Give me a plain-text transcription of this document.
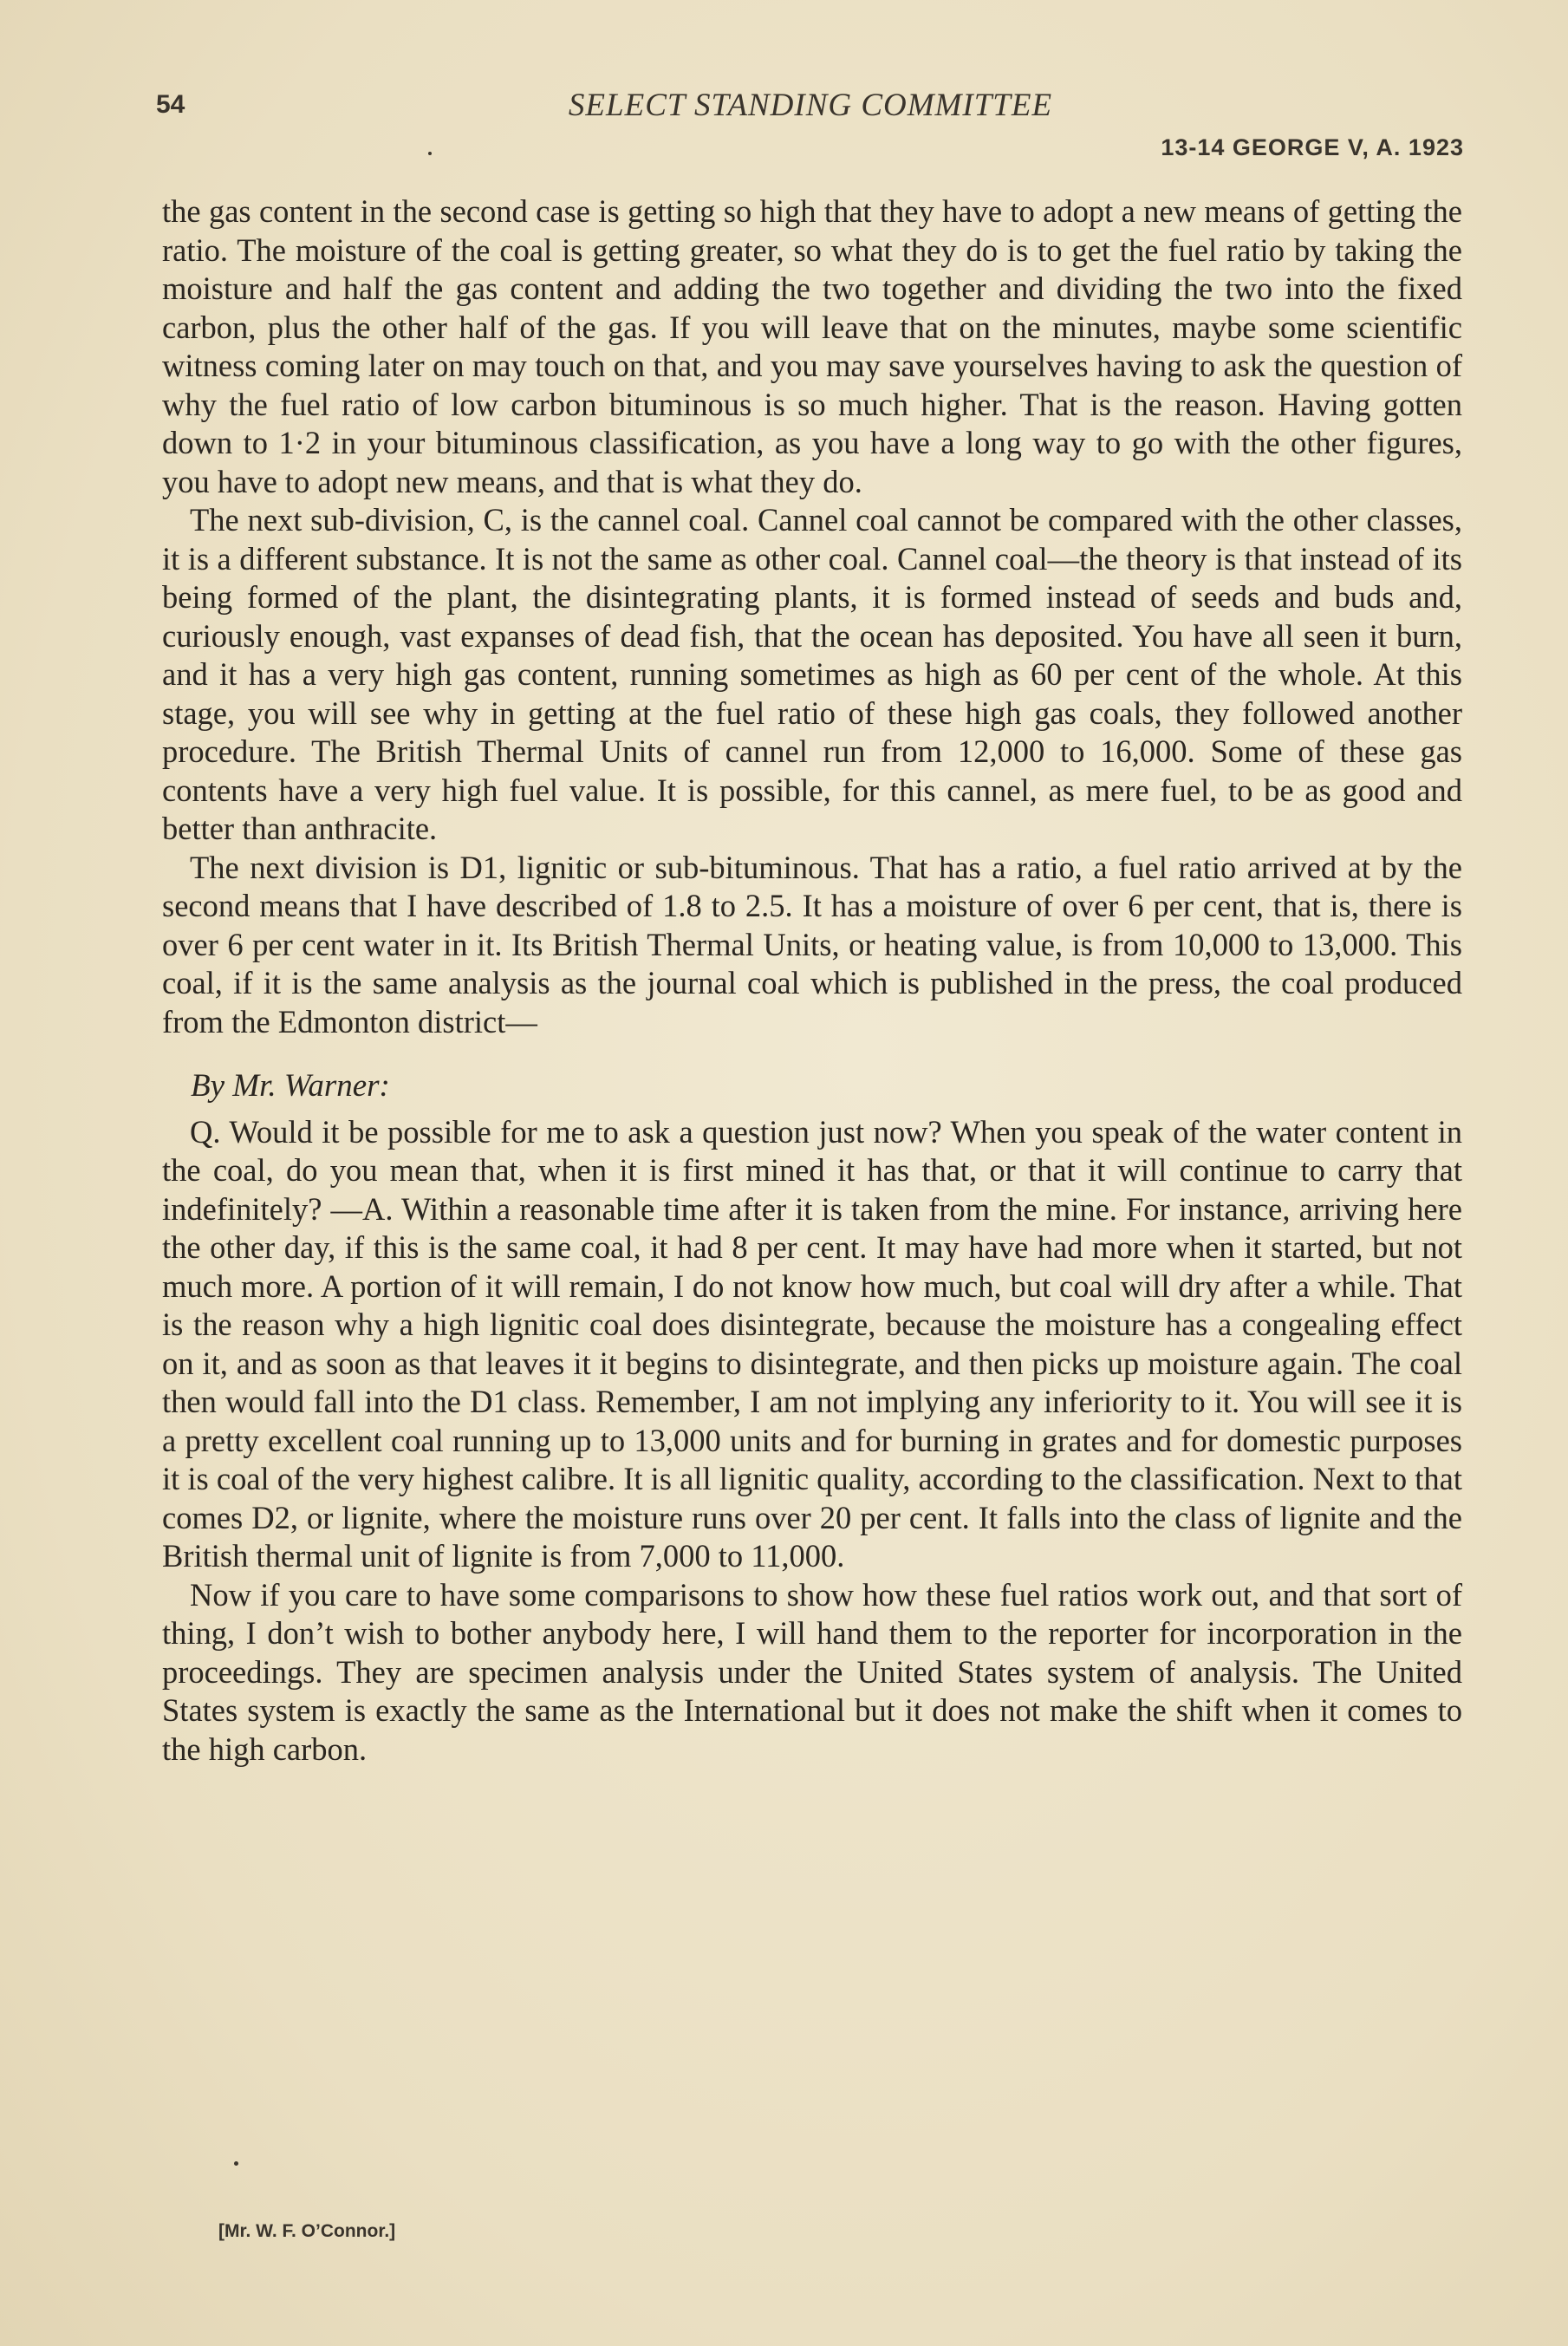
54	SELECT STANDING COMMITTEE
13-14 GEORGE V, A. 1923

the gas content in the second case is getting so high that they have to adopt a new means of getting the ratio. The moisture of the coal is getting greater, so what they do is to get the fuel ratio by taking the moisture and half the gas content and adding the two together and dividing the two into the fixed carbon, plus the other half of the gas. If you will leave that on the minutes, maybe some scientific witness coming later on may touch on that, and you may save yourselves having to ask the question of why the fuel ratio of low carbon bituminous is so much higher. That is the reason. Having gotten down to 1·2 in your bituminous classification, as you have a long way to go with the other figures, you have to adopt new means, and that is what they do.

The next sub-division, C, is the cannel coal. Cannel coal cannot be compared with the other classes, it is a different substance. It is not the same as other coal. Cannel coal—the theory is that instead of its being formed of the plant, the disintegrating plants, it is formed instead of seeds and buds and, curiously enough, vast expanses of dead fish, that the ocean has deposited. You have all seen it burn, and it has a very high gas content, running sometimes as high as 60 per cent of the whole. At this stage, you will see why in getting at the fuel ratio of these high gas coals, they followed another procedure. The British Thermal Units of cannel run from 12,000 to 16,000. Some of these gas contents have a very high fuel value. It is possible, for this cannel, as mere fuel, to be as good and better than anthracite.

The next division is D1, lignitic or sub-bituminous. That has a ratio, a fuel ratio arrived at by the second means that I have described of 1.8 to 2.5. It has a moisture of over 6 per cent, that is, there is over 6 per cent water in it. Its British Thermal Units, or heating value, is from 10,000 to 13,000. This coal, if it is the same analysis as the journal coal which is published in the press, the coal produced from the Edmonton district—

By Mr. Warner:

Q. Would it be possible for me to ask a question just now? When you speak of the water content in the coal, do you mean that, when it is first mined it has that, or that it will continue to carry that indefinitely? —A. Within a reasonable time after it is taken from the mine. For instance, arriving here the other day, if this is the same coal, it had 8 per cent. It may have had more when it started, but not much more. A portion of it will remain, I do not know how much, but coal will dry after a while. That is the reason why a high lignitic coal does disintegrate, because the moisture has a congealing effect on it, and as soon as that leaves it it begins to disintegrate, and then picks up moisture again. The coal then would fall into the D1 class. Remember, I am not implying any inferiority to it. You will see it is a pretty excellent coal running up to 13,000 units and for burning in grates and for domestic purposes it is coal of the very highest calibre. It is all lignitic quality, according to the classification. Next to that comes D2, or lignite, where the moisture runs over 20 per cent. It falls into the class of lignite and the British thermal unit of lignite is from 7,000 to 11,000.

Now if you care to have some comparisons to show how these fuel ratios work out, and that sort of thing, I don’t wish to bother anybody here, I will hand them to the reporter for incorporation in the proceedings. They are specimen analysis under the United States system of analysis. The United States system is exactly the same as the International but it does not make the shift when it comes to the high carbon.

[Mr. W. F. O’Connor.]
